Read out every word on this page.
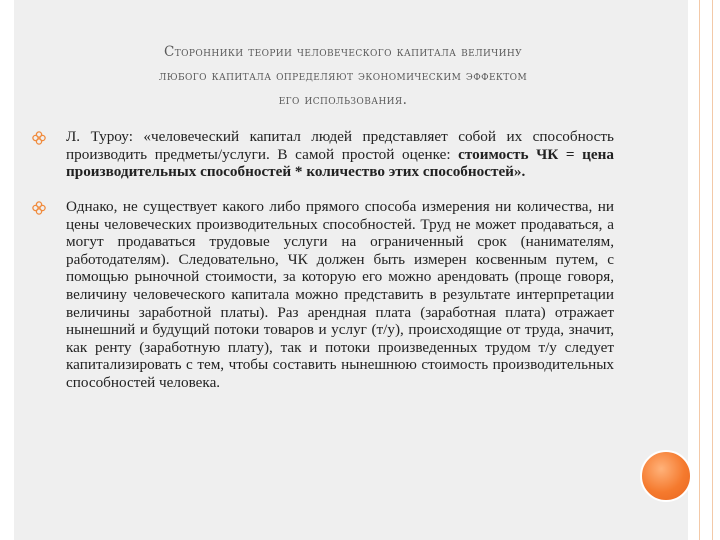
Сторонники теории человеческого капитала величину
любого капитала определяют экономическим эффектом
его использования.
Л. Туроу: «человеческий капитал людей представляет собой их способность производить предметы/услуги. В самой простой оценке: стоимость ЧК = цена производительных способностей * количество этих способностей».
Однако, не существует какого либо прямого способа измерения ни количества, ни цены человеческих производительных способностей. Труд не может продаваться, а могут продаваться трудовые услуги на ограниченный срок (нанимателям, работодателям). Следовательно, ЧК должен быть измерен косвенным путем, с помощью рыночной стоимости, за которую его можно арендовать (проще говоря, величину человеческого капитала можно представить в результате интерпретации величины заработной платы). Раз арендная плата (заработная плата) отражает нынешний и будущий потоки товаров и услуг (т/у), происходящие от труда, значит, как ренту (заработную плату), так и потоки произведенных трудом т/у следует капитализировать с тем, чтобы составить нынешнюю стоимость производительных способностей человека.
